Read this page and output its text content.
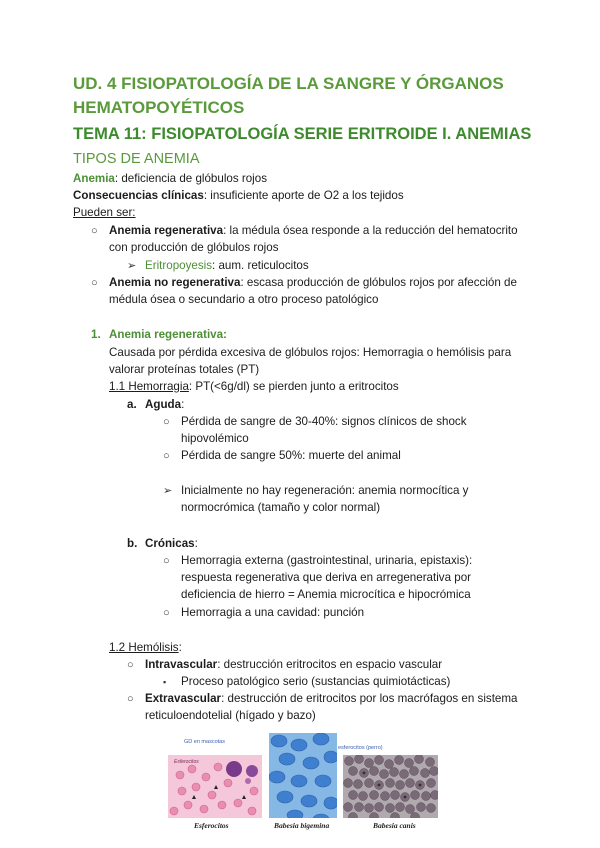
UD. 4 FISIOPATOLOGÍA DE LA SANGRE Y ÓRGANOS HEMATOPOYÉTICOS
TEMA 11: FISIOPATOLOGÍA SERIE ERITROIDE I. ANEMIAS
TIPOS DE ANEMIA
Anemia: deficiencia de glóbulos rojos
Consecuencias clínicas: insuficiente aporte de O2 a los tejidos
Pueden ser:
○ Anemia regenerativa: la médula ósea responde a la reducción del hematocrito
con producción de glóbulos rojos
➢ Eritropoyesis: aum. reticulocitos
○ Anemia no regenerativa: escasa producción de glóbulos rojos por afección de
médula ósea o secundario a otro proceso patológico
1. Anemia regenerativa:
Causada por pérdida excesiva de glóbulos rojos: Hemorragia o hemólisis para
valorar proteínas totales (PT)
1.1 Hemorragia: PT(<6g/dl) se pierden junto a eritrocitos
a. Aguda:
○ Pérdida de sangre de 30-40%: signos clínicos de shock
hipovolémico
○ Pérdida de sangre 50%: muerte del animal
➢ Inicialmente no hay regeneración: anemia normocítica y
normocrómica (tamaño y color normal)
b. Crónicas:
○ Hemorragia externa (gastrointestinal, urinaria, epistaxis):
respuesta regenerativa que deriva en arregenerativa por
deficiencia de hierro = Anemia microcítica e hipocrómica
○ Hemorragia a una cavidad: punción
1.2 Hemólisis:
○ Intravascular: destrucción eritrocitos en espacio vascular
▪ Proceso patológico serio (sustancias quimiotácticas)
○ Extravascular: destrucción de eritrocitos por los macrófagos en sistema
reticuloendotelial (hígado y bazo)
GD en mascotas
esferocitos (perro)
Esferocitos
Esferocitos	Babesia bigemina	Babesia canis
